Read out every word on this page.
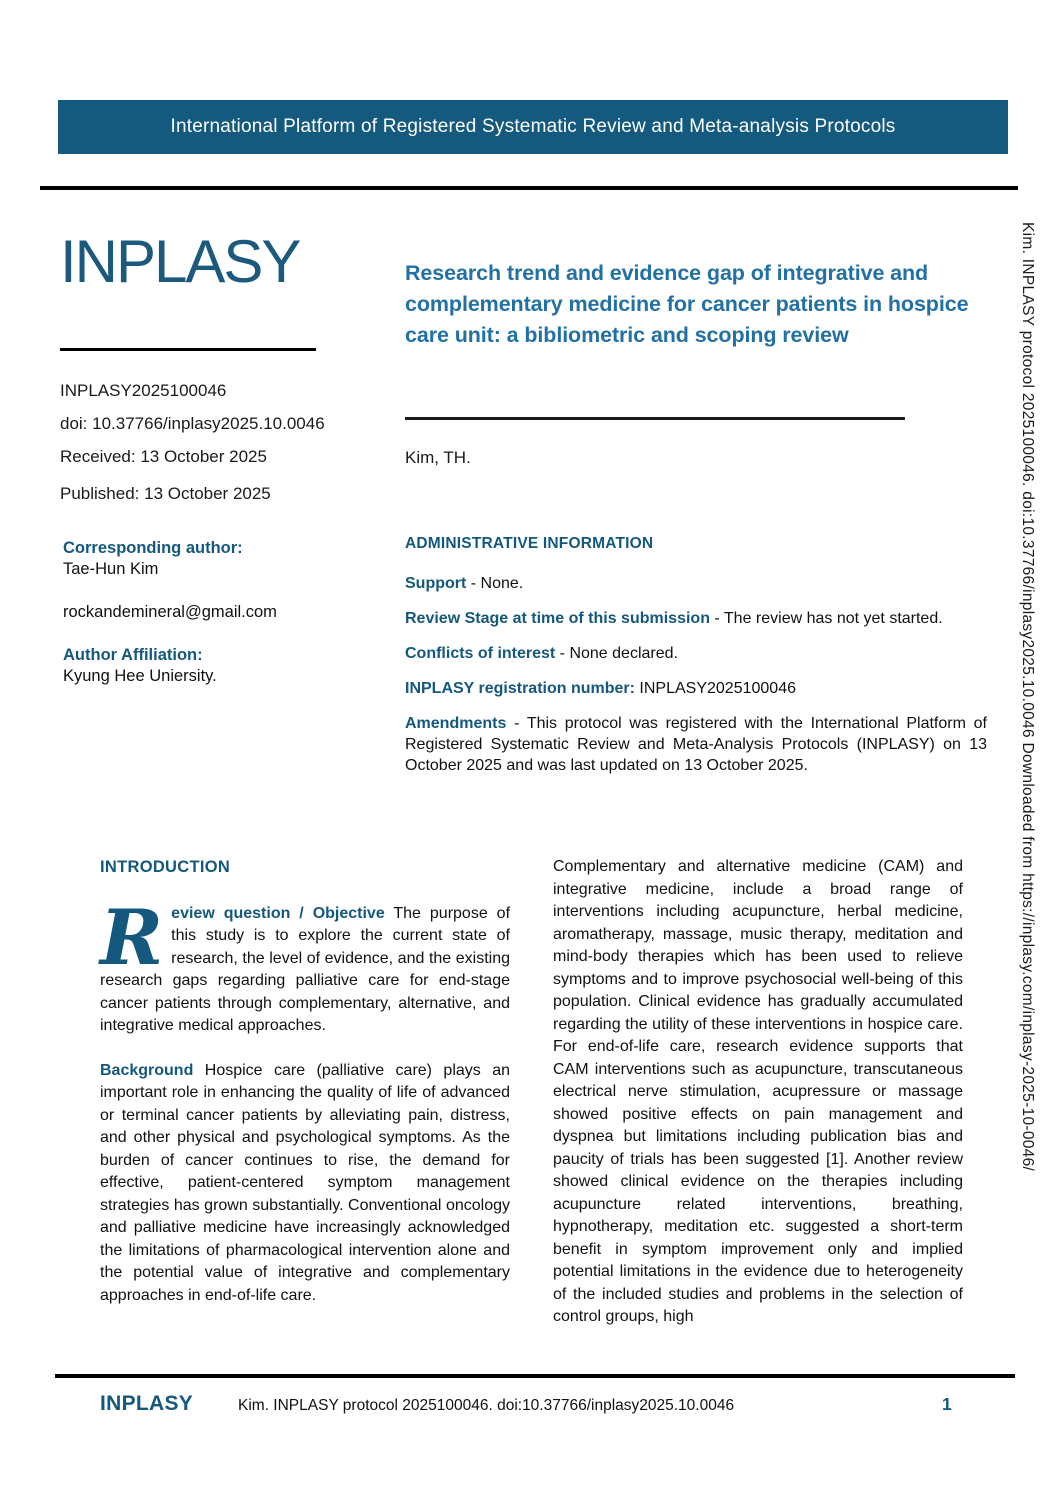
International Platform of Registered Systematic Review and Meta-analysis Protocols
INPLASY
INPLASY2025100046
doi: 10.37766/inplasy2025.10.0046
Received: 13 October 2025
Published: 13 October 2025
Research trend and evidence gap of integrative and complementary medicine for cancer patients in hospice care unit: a bibliometric and scoping review
Kim, TH.
Corresponding author:
Tae-Hun Kim
rockandemineral@gmail.com
Author Affiliation:
Kyung Hee Uniersity.
ADMINISTRATIVE INFORMATION
Support - None.
Review Stage at time of this submission - The review has not yet started.
Conflicts of interest - None declared.
INPLASY registration number: INPLASY2025100046
Amendments - This protocol was registered with the International Platform of Registered Systematic Review and Meta-Analysis Protocols (INPLASY) on 13 October 2025 and was last updated on 13 October 2025.
INTRODUCTION
Review question / Objective The purpose of this study is to explore the current state of research, the level of evidence, and the existing research gaps regarding palliative care for end-stage cancer patients through complementary, alternative, and integrative medical approaches.
Background Hospice care (palliative care) plays an important role in enhancing the quality of life of advanced or terminal cancer patients by alleviating pain, distress, and other physical and psychological symptoms. As the burden of cancer continues to rise, the demand for effective, patient-centered symptom management strategies has grown substantially. Conventional oncology and palliative medicine have increasingly acknowledged the limitations of pharmacological intervention alone and the potential value of integrative and complementary approaches in end-of-life care.
Complementary and alternative medicine (CAM) and integrative medicine, include a broad range of interventions including acupuncture, herbal medicine, aromatherapy, massage, music therapy, meditation and mind-body therapies which has been used to relieve symptoms and to improve psychosocial well-being of this population. Clinical evidence has gradually accumulated regarding the utility of these interventions in hospice care. For end-of-life care, research evidence supports that CAM interventions such as acupuncture, transcutaneous electrical nerve stimulation, acupressure or massage showed positive effects on pain management and dyspnea but limitations including publication bias and paucity of trials has been suggested [1]. Another review showed clinical evidence on the therapies including acupuncture related interventions, breathing, hypnotherapy, meditation etc. suggested a short-term benefit in symptom improvement only and implied potential limitations in the evidence due to heterogeneity of the included studies and problems in the selection of control groups, high
INPLASY	Kim. INPLASY protocol 2025100046. doi:10.37766/inplasy2025.10.0046	1
Kim. INPLASY protocol 2025100046. doi:10.37766/inplasy2025.10.0046 Downloaded from https://inplasy.com/inplasy-2025-10-0046/
